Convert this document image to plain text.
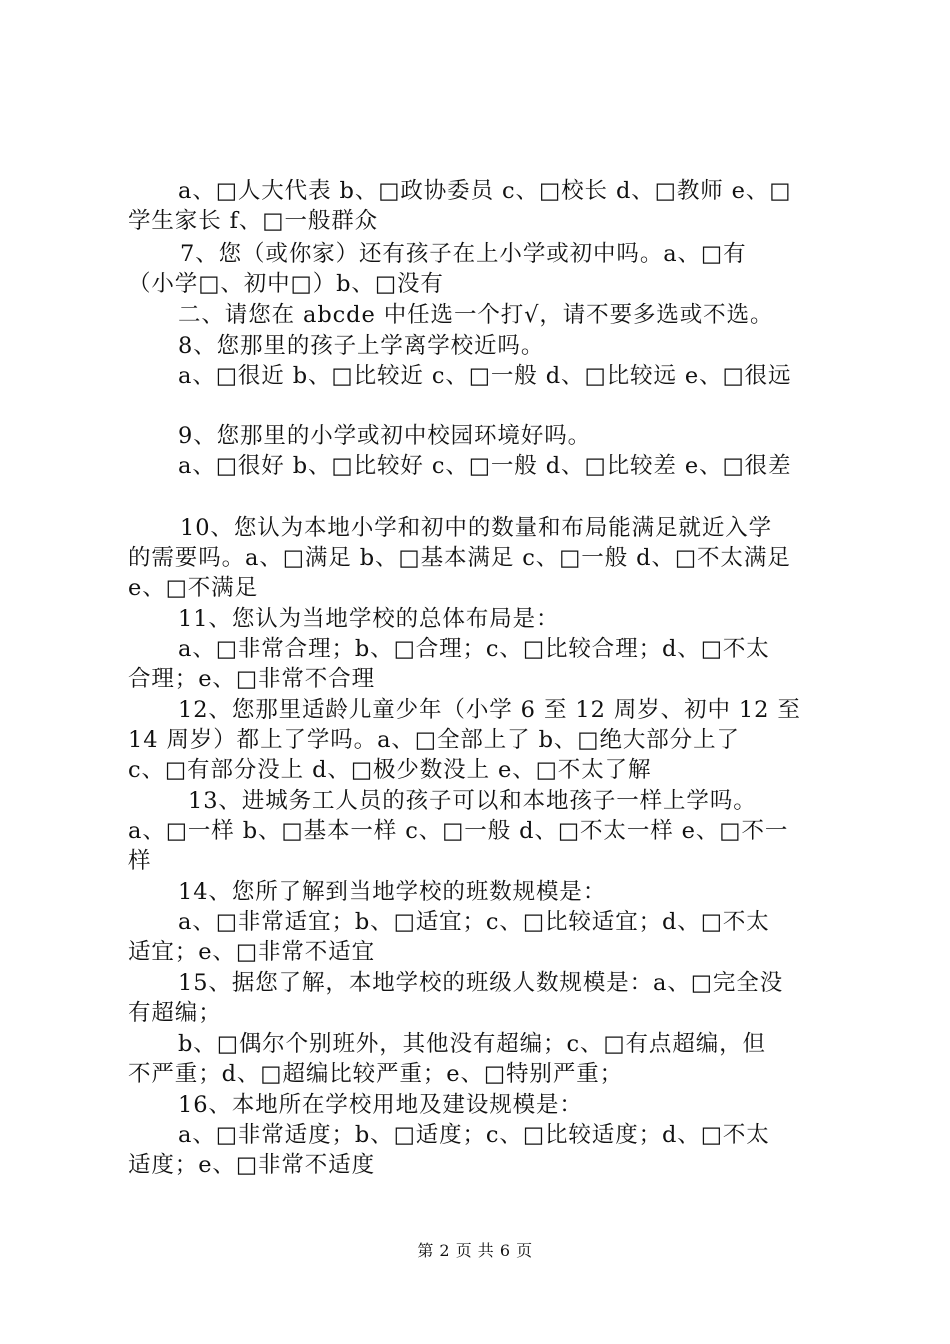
a、□人大代表 b、□政协委员 c、□校长 d、□教师 e、□
学生家长 f、□一般群众
7、您（或你家）还有孩子在上小学或初中吗。a、□有
（小学□、初中□）b、□没有
二、请您在 abcde 中任选一个打√，请不要多选或不选。
8、您那里的孩子上学离学校近吗。
a、□很近 b、□比较近 c、□一般 d、□比较远 e、□很远
9、您那里的小学或初中校园环境好吗。
a、□很好 b、□比较好 c、□一般 d、□比较差 e、□很差
10、您认为本地小学和初中的数量和布局能满足就近入学
的需要吗。a、□满足 b、□基本满足 c、□一般 d、□不太满足
e、□不满足
11、您认为当地学校的总体布局是：
a、□非常合理；b、□合理；c、□比较合理；d、□不太
合理；e、□非常不合理
12、您那里适龄儿童少年（小学 6 至 12 周岁、初中 12 至
14 周岁）都上了学吗。a、□全部上了 b、□绝大部分上了
c、□有部分没上 d、□极少数没上 e、□不太了解
13、进城务工人员的孩子可以和本地孩子一样上学吗。
a、□一样 b、□基本一样 c、□一般 d、□不太一样 e、□不一
样
14、您所了解到当地学校的班数规模是：
a、□非常适宜；b、□适宜；c、□比较适宜；d、□不太
适宜；e、□非常不适宜
15、据您了解，本地学校的班级人数规模是：a、□完全没
有超编；
b、□偶尔个别班外，其他没有超编；c、□有点超编，但
不严重；d、□超编比较严重；e、□特别严重；
16、本地所在学校用地及建设规模是：
a、□非常适度；b、□适度；c、□比较适度；d、□不太
适度；e、□非常不适度
第 2 页 共 6 页
